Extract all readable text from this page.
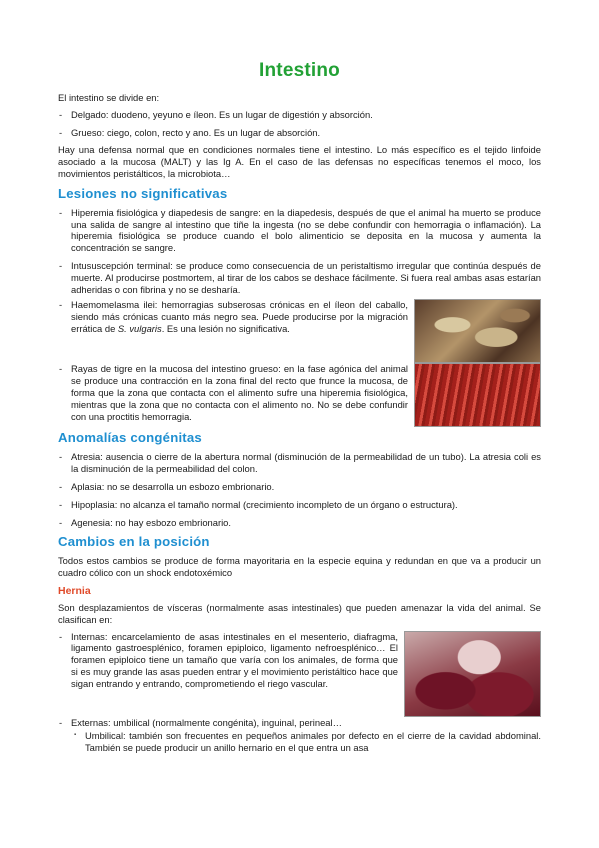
Intestino

El intestino se divide en:

- Delgado: duodeno, yeyuno e íleon. Es un lugar de digestión y absorción.
- Grueso: ciego, colon, recto y ano. Es un lugar de absorción.

Hay una defensa normal que en condiciones normales tiene el intestino. Lo más específico es el tejido linfoide asociado a la mucosa (MALT) y las Ig A. En el caso de las defensas no específicas tenemos el moco, los movimientos peristálticos, la microbiota…

Lesiones no significativas
- Hiperemia fisiológica y diapedesis de sangre: en la diapedesis, después de que el animal ha muerto se produce una salida de sangre al intestino que tiñe la ingesta (no se debe confundir con hemorragia o inflamación). La hiperemia fisiológica se produce cuando el bolo alimenticio se deposita en la mucosa y aumenta la concentración se sangre.
- Intususcepción terminal: se produce como consecuencia de un peristaltismo irregular que continúa después de muerte. Al producirse postmortem, al tirar de los cabos se deshace fácilmente. Si fuera real ambas asas estarían adheridas o con fibrina y no se desharía.
- Haemomelasma ilei: hemorragias subserosas crónicas en el íleon del caballo, siendo más crónicas cuanto más negro sea. Puede producirse por la migración errática de S. vulgaris. Es una lesión no significativa.
- Rayas de tigre en la mucosa del intestino grueso: en la fase agónica del animal se produce una contracción en la zona final del recto que frunce la mucosa, de forma que la zona que contacta con el alimento sufre una hiperemia fisiológica, mientras que la zona que no contacta con el alimento no. No se debe confundir con una proctitis hemorragia.
Anomalías congénitas
- Atresia: ausencia o cierre de la abertura normal (disminución de la permeabilidad de un tubo). La atresia coli es la disminución de la permeabilidad del colon.
- Aplasia: no se desarrolla un esbozo embrionario.
- Hipoplasia: no alcanza el tamaño normal (crecimiento incompleto de un órgano o estructura).
- Agenesia: no hay esbozo embrionario.
Cambios en la posición

Todos estos cambios se produce de forma mayoritaria en la especie equina y redundan en que va a producir un cuadro cólico con un shock endotoxémico

Hernia

Son desplazamientos de vísceras (normalmente asas intestinales) que pueden amenazar la vida del animal. Se clasifican en:

- Internas: encarcelamiento de asas intestinales en el mesenterio, diafragma, ligamento gastroesplénico, foramen epiploico, ligamento nefroesplénico… El foramen epiploico tiene un tamaño que varía con los animales, de forma que si es muy grande las asas pueden entrar y el movimiento peristáltico hace que sigan entrando y entrando, comprometiendo el riego vascular.
- Externas: umbilical (normalmente congénita), inguinal, perineal…
▪ Umbilical: también son frecuentes en pequeños animales por defecto en el cierre de la cavidad abdominal. También se puede producir un anillo hernario en el que entra un asa
